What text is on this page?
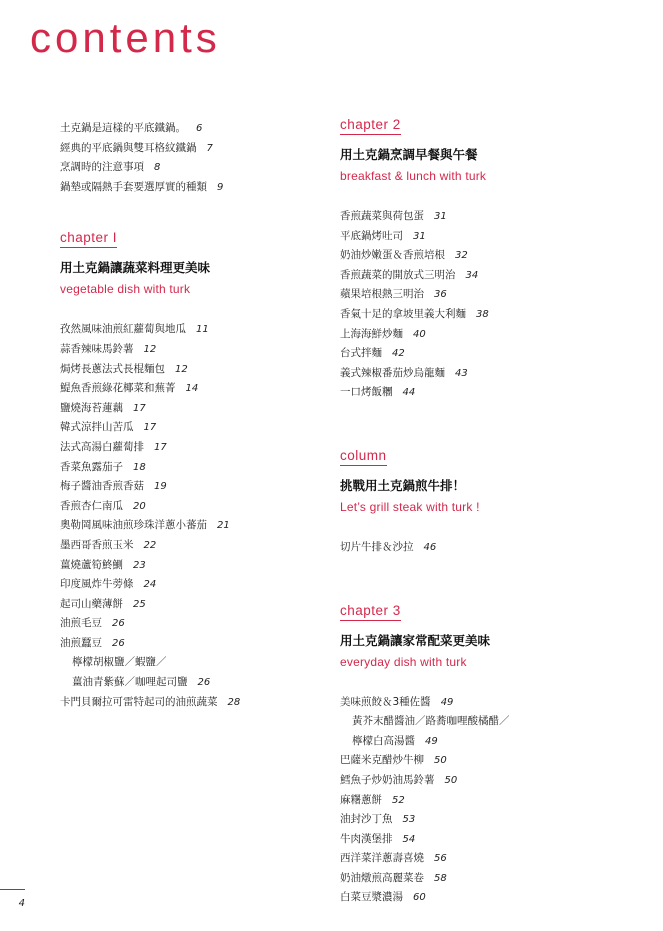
contents
土克鍋是這樣的平底鐵鍋。 6
經典的平底鍋與雙耳格紋鐵鍋 7
烹調時的注意事項 8
鍋墊或隔熱手套要選厚實的種類 9
chapter I
用土克鍋讓蔬菜料理更美味
vegetable dish with turk
孜然風味油煎紅蘿蔔與地瓜 11
蒜香辣味馬鈴薯 12
焗烤長蔥法式長棍麵包 12
鯷魚香煎綠花椰菜和蕪菁 14
鹽燒海苔蓮藕 17
韓式涼拌山苦瓜 17
法式高湯白蘿蔔排 17
香菜魚露茄子 18
梅子醬油香煎香菇 19
香煎杏仁南瓜 20
奧勒岡風味油煎珍珠洋蔥小蕃茄 21
墨西哥香煎玉米 22
薑燒蘆筍鮗鰂 23
印度風炸牛蒡條 24
起司山藥薄餅 25
油煎毛豆 26
油煎蠶豆 26
檸檬胡椒鹽／蝦鹽／
薑油青紫蘇／咖哩起司鹽 26
卡門貝爾拉可雷特起司的油煎蔬菜 28
chapter 2
用土克鍋烹調早餐與午餐
breakfast & lunch with turk
香煎蔬菜與荷包蛋 31
平底鍋烤吐司 31
奶油炒嫩蛋＆香煎培根 32
香煎蔬菜的開放式三明治 34
蘋果培根熱三明治 36
香氣十足的拿坡里義大利麵 38
上海海鮮炒麵 40
台式拌麵 42
義式辣椒番茄炒烏龍麵 43
一口烤飯糰 44
column
挑戰用土克鍋煎牛排！
Let’s grill steak with turk !
切片牛排＆沙拉 46
chapter 3
用土克鍋讓家常配菜更美味
everyday dish with turk
美味煎餃＆3種佐醬 49
黃芥末醋醬油／路蕎咖哩酸橘醋／
檸檬白高湯醬 49
巴薩米克醋炒牛柳 50
鱈魚子炒奶油馬鈴薯 50
麻糬蔥餅 52
油封沙丁魚 53
牛肉漢堡排 54
西洋菜洋蔥壽喜燒 56
奶油燉煎高麗菜卷 58
白菜豆漿濃湯 60
4
